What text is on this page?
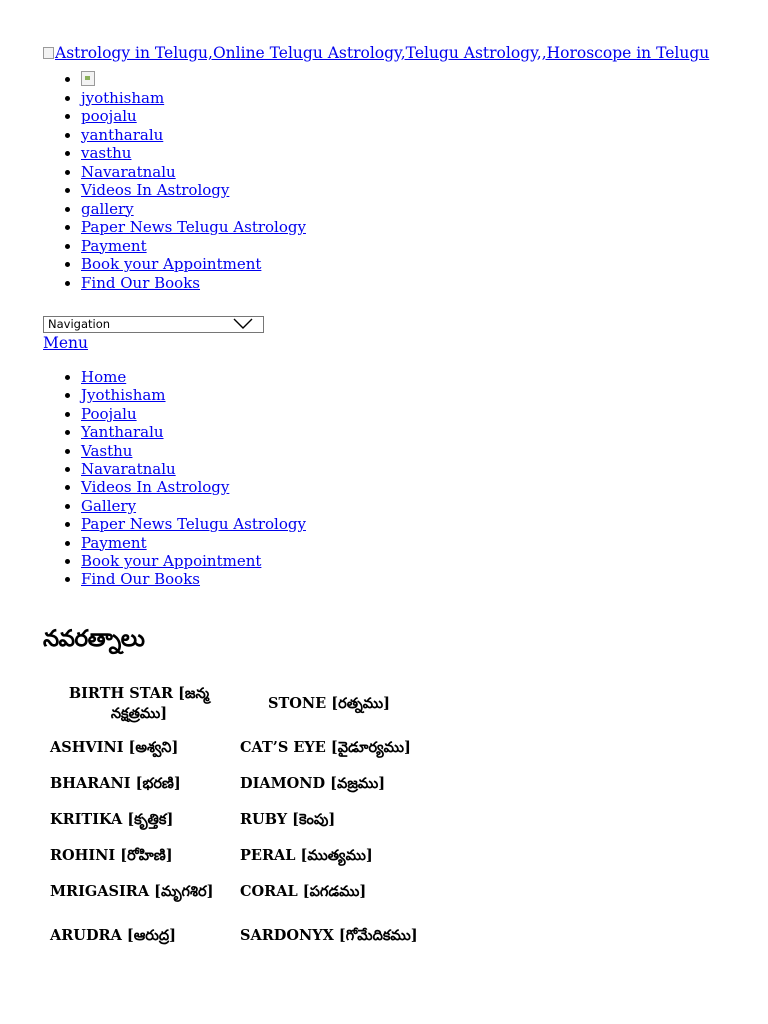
Astrology in Telugu,Online Telugu Astrology,Telugu Astrology,,Horoscope in Telugu
•
• jyothisham
• poojalu
• yantharalu
• vasthu
• Navaratnalu
• Videos In Astrology
• gallery
• Paper News Telugu Astrology
• Payment
• Book your Appointment
• Find Our Books
Navigation
Menu
• Home
• Jyothisham
• Poojalu
• Yantharalu
• Vasthu
• Navaratnalu
• Videos In Astrology
• Gallery
• Paper News Telugu Astrology
• Payment
• Book your Appointment
• Find Our Books
నవరత్నాలు
BIRTH STAR [జన్మ నక్షత్రము]	STONE [రత్నము]
ASHVINI [అశ్వని]	CAT’S EYE [వైడూర్యము]
BHARANI [భరణి]	DIAMOND [వజ్రము]
KRITIKA [కృత్తిక]	RUBY [కెంపు]
ROHINI [రోహిణి]	PERAL [ముత్యము]
MRIGASIRA [మృగశిర]	CORAL [పగడము]
ARUDRA [ఆరుద్ర]	SARDONYX [గోమేదికము]
